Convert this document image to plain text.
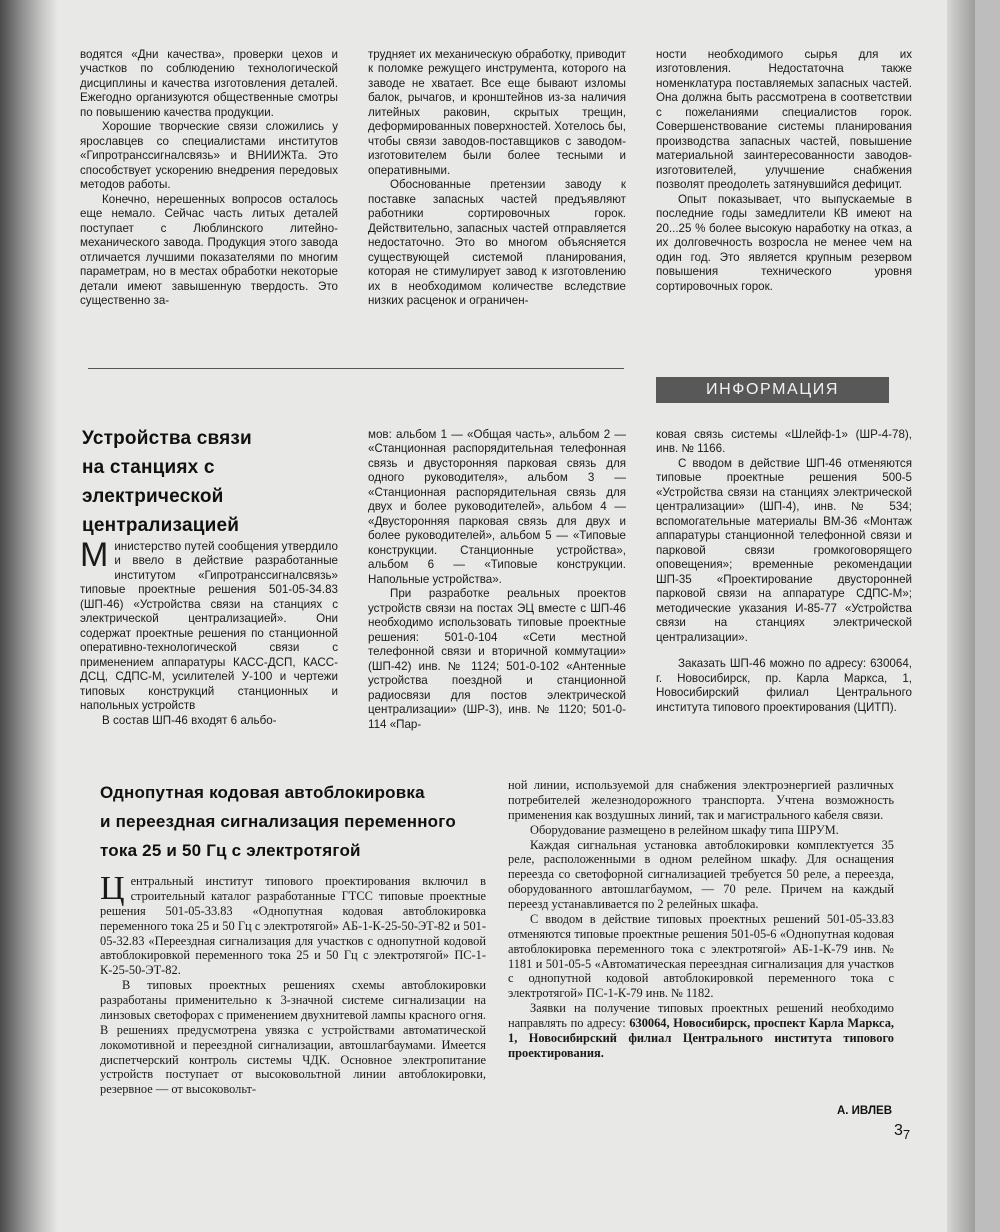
водятся «Дни качества», проверки цехов и участков по соблюдению технологической дисциплины и качества изготовления деталей. Ежегодно организуются общественные смотры по повышению качества продукции.

Хорошие творческие связи сложились у ярославцев со специалистами институтов «Гипротранссигналсвязь» и ВНИИЖТа. Это способствует ускорению внедрения передовых методов работы.

Конечно, нерешенных вопросов осталось еще немало. Сейчас часть литых деталей поступает с Люблинского литейно-механического завода. Продукция этого завода отличается лучшими показателями по многим параметрам, но в местах обработки некоторые детали имеют завышенную твердость. Это существенно за-

трудняет их механическую обработку, приводит к поломке режущего инструмента, которого на заводе не хватает. Все еще бывают изломы балок, рычагов, и кронштейнов из-за наличия литейных раковин, скрытых трещин, деформированных поверхностей. Хотелось бы, чтобы связи заводов-поставщиков с заводом-изготовителем были более тесными и оперативными.

Обоснованные претензии заводу к поставке запасных частей предъявляют работники сортировочных горок. Действительно, запасных частей отправляется недостаточно. Это во многом объясняется существующей системой планирования, которая не стимулирует завод к изготовлению их в необходимом количестве вследствие низких расценок и ограничен-

ности необходимого сырья для их изготовления. Недостаточна также номенклатура поставляемых запасных частей. Она должна быть рассмотрена в соответствии с пожеланиями специалистов горок. Совершенствование системы планирования производства запасных частей, повышение материальной заинтересованности заводов-изготовителей, улучшение снабжения позволят преодолеть затянувшийся дефицит.

Опыт показывает, что выпускаемые в последние годы замедлители КВ имеют на 20...25 % более высокую наработку на отказ, а их долговечность возросла не менее чем на один год. Это является крупным резервом повышения технического уровня сортировочных горок.

ИНФОРМАЦИЯ
Устройства связи
на станциях с электрической
централизацией

Министерство путей сообщения утвердило и ввело в действие разработанные институтом «Гипротранссигналсвязь» типовые проектные решения 501-05-34.83 (ШП-46) «Устройства связи на станциях с электрической централизацией». Они содержат проектные решения по станционной оперативно-технологической связи с применением аппаратуры КАСС-ДСП, КАСС-ДСЦ, СДПС-М, усилителей У-100 и чертежи типовых конструкций станционных и напольных устройств

В состав ШП-46 входят 6 альбо-

мов: альбом 1 — «Общая часть», альбом 2 — «Станционная распорядительная телефонная связь и двусторонняя парковая связь для одного руководителя», альбом 3 — «Станционная распорядительная связь для двух и более руководителей», альбом 4 — «Двусторонняя парковая связь для двух и более руководителей», альбом 5 — «Типовые конструкции. Станционные устройства», альбом 6 — «Типовые конструкции. Напольные устройства».

При разработке реальных проектов устройств связи на постах ЭЦ вместе с ШП-46 необходимо использовать типовые проектные решения: 501-0-104 «Сети местной телефонной связи и вторичной коммутации» (ШП-42) инв. № 1124; 501-0-102 «Антенные устройства поездной и станционной радиосвязи для постов электрической централизации» (ШР-3), инв. № 1120; 501-0-114 «Пар-

ковая связь системы «Шлейф-1» (ШР-4-78), инв. № 1166.

С вводом в действие ШП-46 отменяются типовые проектные решения 500-5 «Устройства связи на станциях электрической централизации» (ШП-4), инв. № 534; вспомогательные материалы ВМ-36 «Монтаж аппаратуры станционной телефонной связи и парковой связи громкоговорящего оповещения»; временные рекомендации ШП-35 «Проектирование двусторонней парковой связи на аппаратуре СДПС-М»; методические указания И-85-77 «Устройства связи на станциях электрической централизации».

Заказать ШП-46 можно по адресу: 630064, г. Новосибирск, пр. Карла Маркса, 1, Новосибирский филиал Центрального института типового проектирования (ЦИТП).

Однопутная кодовая автоблокировка
и переездная сигнализация переменного
тока 25 и 50 Гц с электротягой

Центральный институт типового проектирования включил в строительный каталог разработанные ГТСС типовые проектные решения 501-05-33.83 «Однопутная кодовая автоблокировка переменного тока 25 и 50 Гц с электротягой» АБ-1-К-25-50-ЭТ-82 и 501-05-32.83 «Переездная сигнализация для участков с однопутной кодовой автоблокировкой переменного тока 25 и 50 Гц с электротягой» ПС-1-К-25-50-ЭТ-82.

В типовых проектных решениях схемы автоблокировки разработаны применительно к 3-значной системе сигнализации на линзовых светофорах с применением двухнитевой лампы красного огня. В решениях предусмотрена увязка с устройствами автоматической локомотивной и переездной сигнализации, автошлагбаумами. Имеется диспетчерский контроль системы ЧДК. Основное электропитание устройств поступает от высоковольтной линии автоблокировки, резервное — от высоковольт-

ной линии, используемой для снабжения электроэнергией различных потребителей железнодорожного транспорта. Учтена возможность применения как воздушных линий, так и магистрального кабеля связи.

Оборудование размещено в релейном шкафу типа ШРУМ.

Каждая сигнальная установка автоблокировки комплектуется 35 реле, расположенными в одном релейном шкафу. Для оснащения переезда со светофорной сигнализацией требуется 50 реле, а переезда, оборудованного автошлагбаумом, — 70 реле. Причем на каждый переезд устанавливается по 2 релейных шкафа.

С вводом в действие типовых проектных решений 501-05-33.83 отменяются типовые проектные решения 501-05-6 «Однопутная кодовая автоблокировка переменного тока с электротягой» АБ-1-К-79 инв. № 1181 и 501-05-5 «Автоматическая переездная сигнализация для участков с однопутной кодовой автоблокировкой переменного тока с электротягой» ПС-1-К-79 инв. № 1182.

Заявки на получение типовых проектных решений необходимо направлять по адресу: 630064, Новосибирск, проспект Карла Маркса, 1, Новосибирский филиал Центрального института типового проектирования.

А. ИВЛЕВ
$3_7$
